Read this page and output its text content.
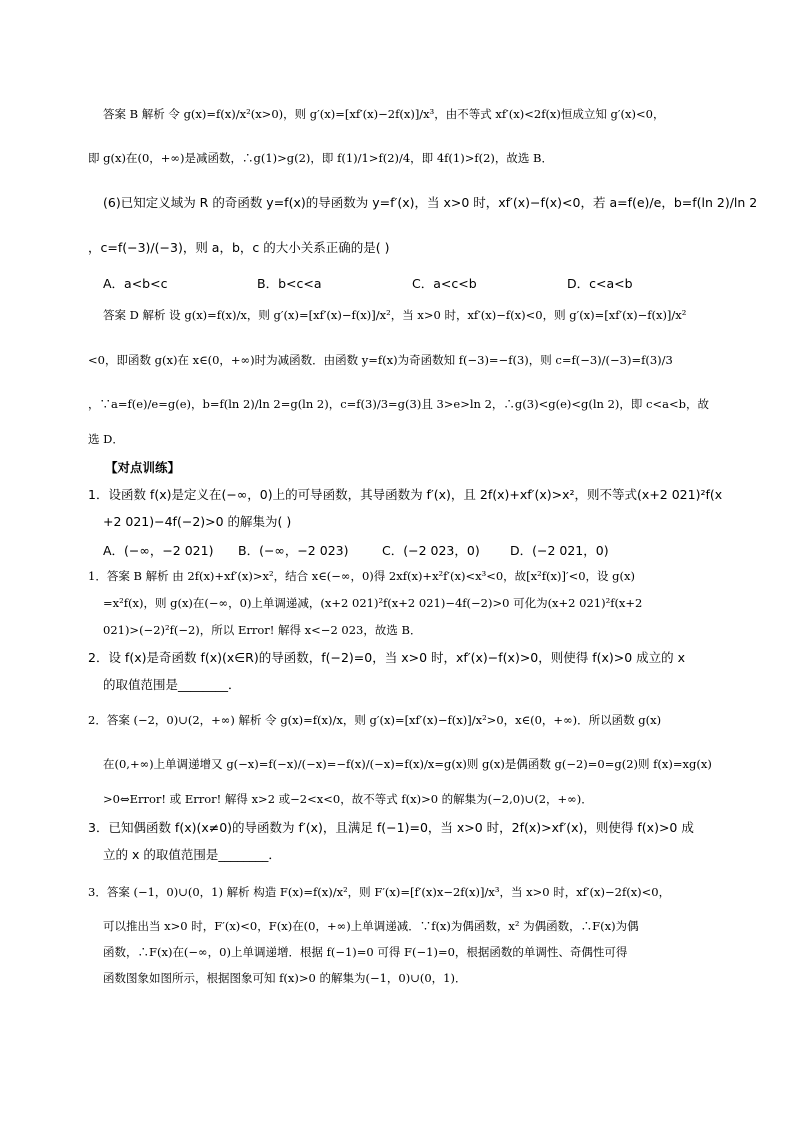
答案 B 解析 令 g(x)=f(x)/x²(x>0)，则 g′(x)=[xf′(x)−2f(x)]/x³，由不等式 xf′(x)<2f(x)恒成立知 g′(x)<0，
即 g(x)在(0，+∞)是减函数，∴g(1)>g(2)，即 f(1)/1>f(2)/4，即 4f(1)>f(2)，故选 B．
(6)已知定义域为 R 的奇函数 y=f(x)的导函数为 y=f′(x)，当 x>0 时，xf′(x)−f(x)<0，若 a=f(e)/e，b=f(ln 2)/ln 2
，c=f(−3)/(−3)，则 a，b，c 的大小关系正确的是( )
答案 D 解析 设 g(x)=f(x)/x，则 g′(x)=[xf′(x)−f(x)]/x²，当 x>0 时，xf′(x)−f(x)<0，则 g′(x)=[xf′(x)−f(x)]/x²
<0，即函数 g(x)在 x∈(0，+∞)时为减函数．由函数 y=f(x)为奇函数知 f(−3)=−f(3)，则 c=f(−3)/(−3)=f(3)/3
，∵a=f(e)/e=g(e)，b=f(ln 2)/ln 2=g(ln 2)，c=f(3)/3=g(3)且 3>e>ln 2，∴g(3)<g(e)<g(ln 2)，即 c<a<b，故
选 D．
1．设函数 f(x)是定义在(−∞，0)上的可导函数，其导函数为 f′(x)，且 2f(x)+xf′(x)>x²，则不等式(x+2 021)²f(x
+2 021)−4f(−2)>0 的解集为( )
1．答案 B 解析 由 2f(x)+xf′(x)>x²，结合 x∈(−∞，0)得 2xf(x)+x²f′(x)<x³<0，故[x²f(x)]′<0，设 g(x)
=x²f(x)，则 g(x)在(−∞，0)上单调递减，(x+2 021)²f(x+2 021)−4f(−2)>0 可化为(x+2 021)²f(x+2
021)>(−2)²f(−2)，所以 Error! 解得 x<−2 023，故选 B．
2．设 f(x)是奇函数 f(x)(x∈R)的导函数，f(−2)=0，当 x>0 时，xf′(x)−f(x)>0，则使得 f(x)>0 成立的 x
的取值范围是________．
2．答案 (−2，0)∪(2，+∞) 解析 令 g(x)=f(x)/x，则 g′(x)=[xf′(x)−f(x)]/x²>0，x∈(0，+∞)．所以函数 g(x)
在(0,+∞)上单调递增又 g(−x)=f(−x)/(−x)=−f(x)/(−x)=f(x)/x=g(x)则 g(x)是偶函数 g(−2)=0=g(2)则 f(x)=xg(x)
>0⇔Error! 或 Error! 解得 x>2 或−2<x<0，故不等式 f(x)>0 的解集为(−2,0)∪(2，+∞)．
3．已知偶函数 f(x)(x≠0)的导函数为 f′(x)，且满足 f(−1)=0，当 x>0 时，2f(x)>xf′(x)，则使得 f(x)>0 成
立的 x 的取值范围是________．
3．答案 (−1，0)∪(0，1) 解析 构造 F(x)=f(x)/x²，则 F′(x)=[f′(x)x−2f(x)]/x³，当 x>0 时，xf′(x)−2f(x)<0，
可以推出当 x>0 时，F′(x)<0，F(x)在(0，+∞)上单调递减．∵f(x)为偶函数，x² 为偶函数，∴F(x)为偶
函数，∴F(x)在(−∞，0)上单调递增．根据 f(−1)=0 可得 F(−1)=0，根据函数的单调性、奇偶性可得
函数图象如图所示，根据图象可知 f(x)>0 的解集为(−1，0)∪(0，1)．
【对点训练】
A．a<b<c	B．b<c<a	C．a<c<b	D．c<a<b
A．(−∞，−2 021) B．(−∞，−2 023)	C．(−2 023，0) D．(−2 021，0)
